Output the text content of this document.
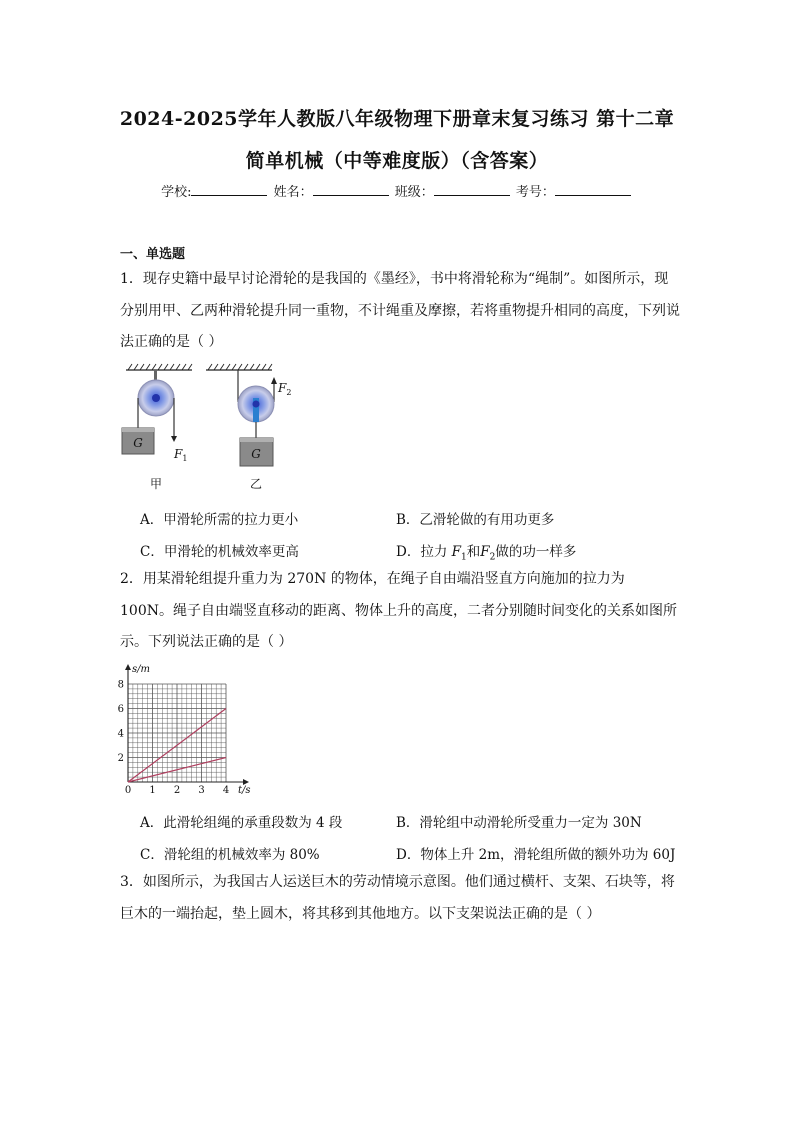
2024-2025学年人教版八年级物理下册章末复习练习 第十二章
简单机械（中等难度版）（含答案）
学校:	姓名：	班级：	考号：
一、单选题
1．现存史籍中最早讨论滑轮的是我国的《墨经》，书中将滑轮称为“绳制”。如图所示，现分别用甲、乙两种滑轮提升同一重物，不计绳重及摩擦，若将重物提升相同的高度，下列说法正确的是（ ）
G
$F_1$
甲
$F_2$
G
乙
A．甲滑轮所需的拉力更小	B．乙滑轮做的有用功更多
C．甲滑轮的机械效率更高	D．拉力 $F_1$和$F_2$做的功一样多
2．用某滑轮组提升重力为 270N 的物体，在绳子自由端沿竖直方向施加的拉力为 100N。绳子自由端竖直移动的距离、物体上升的高度，二者分别随时间变化的关系如图所示。下列说法正确的是（ ）
0 1 2 3 4
2
4
6
8
s/m
t/s
A．此滑轮组绳的承重段数为 4 段	B．滑轮组中动滑轮所受重力一定为 30N
C．滑轮组的机械效率为 80%	D．物体上升 2m，滑轮组所做的额外功为 60J
3．如图所示，为我国古人运送巨木的劳动情境示意图。他们通过横杆、支架、石块等，将巨木的一端抬起，垫上圆木，将其移到其他地方。以下支架说法正确的是（ ）
